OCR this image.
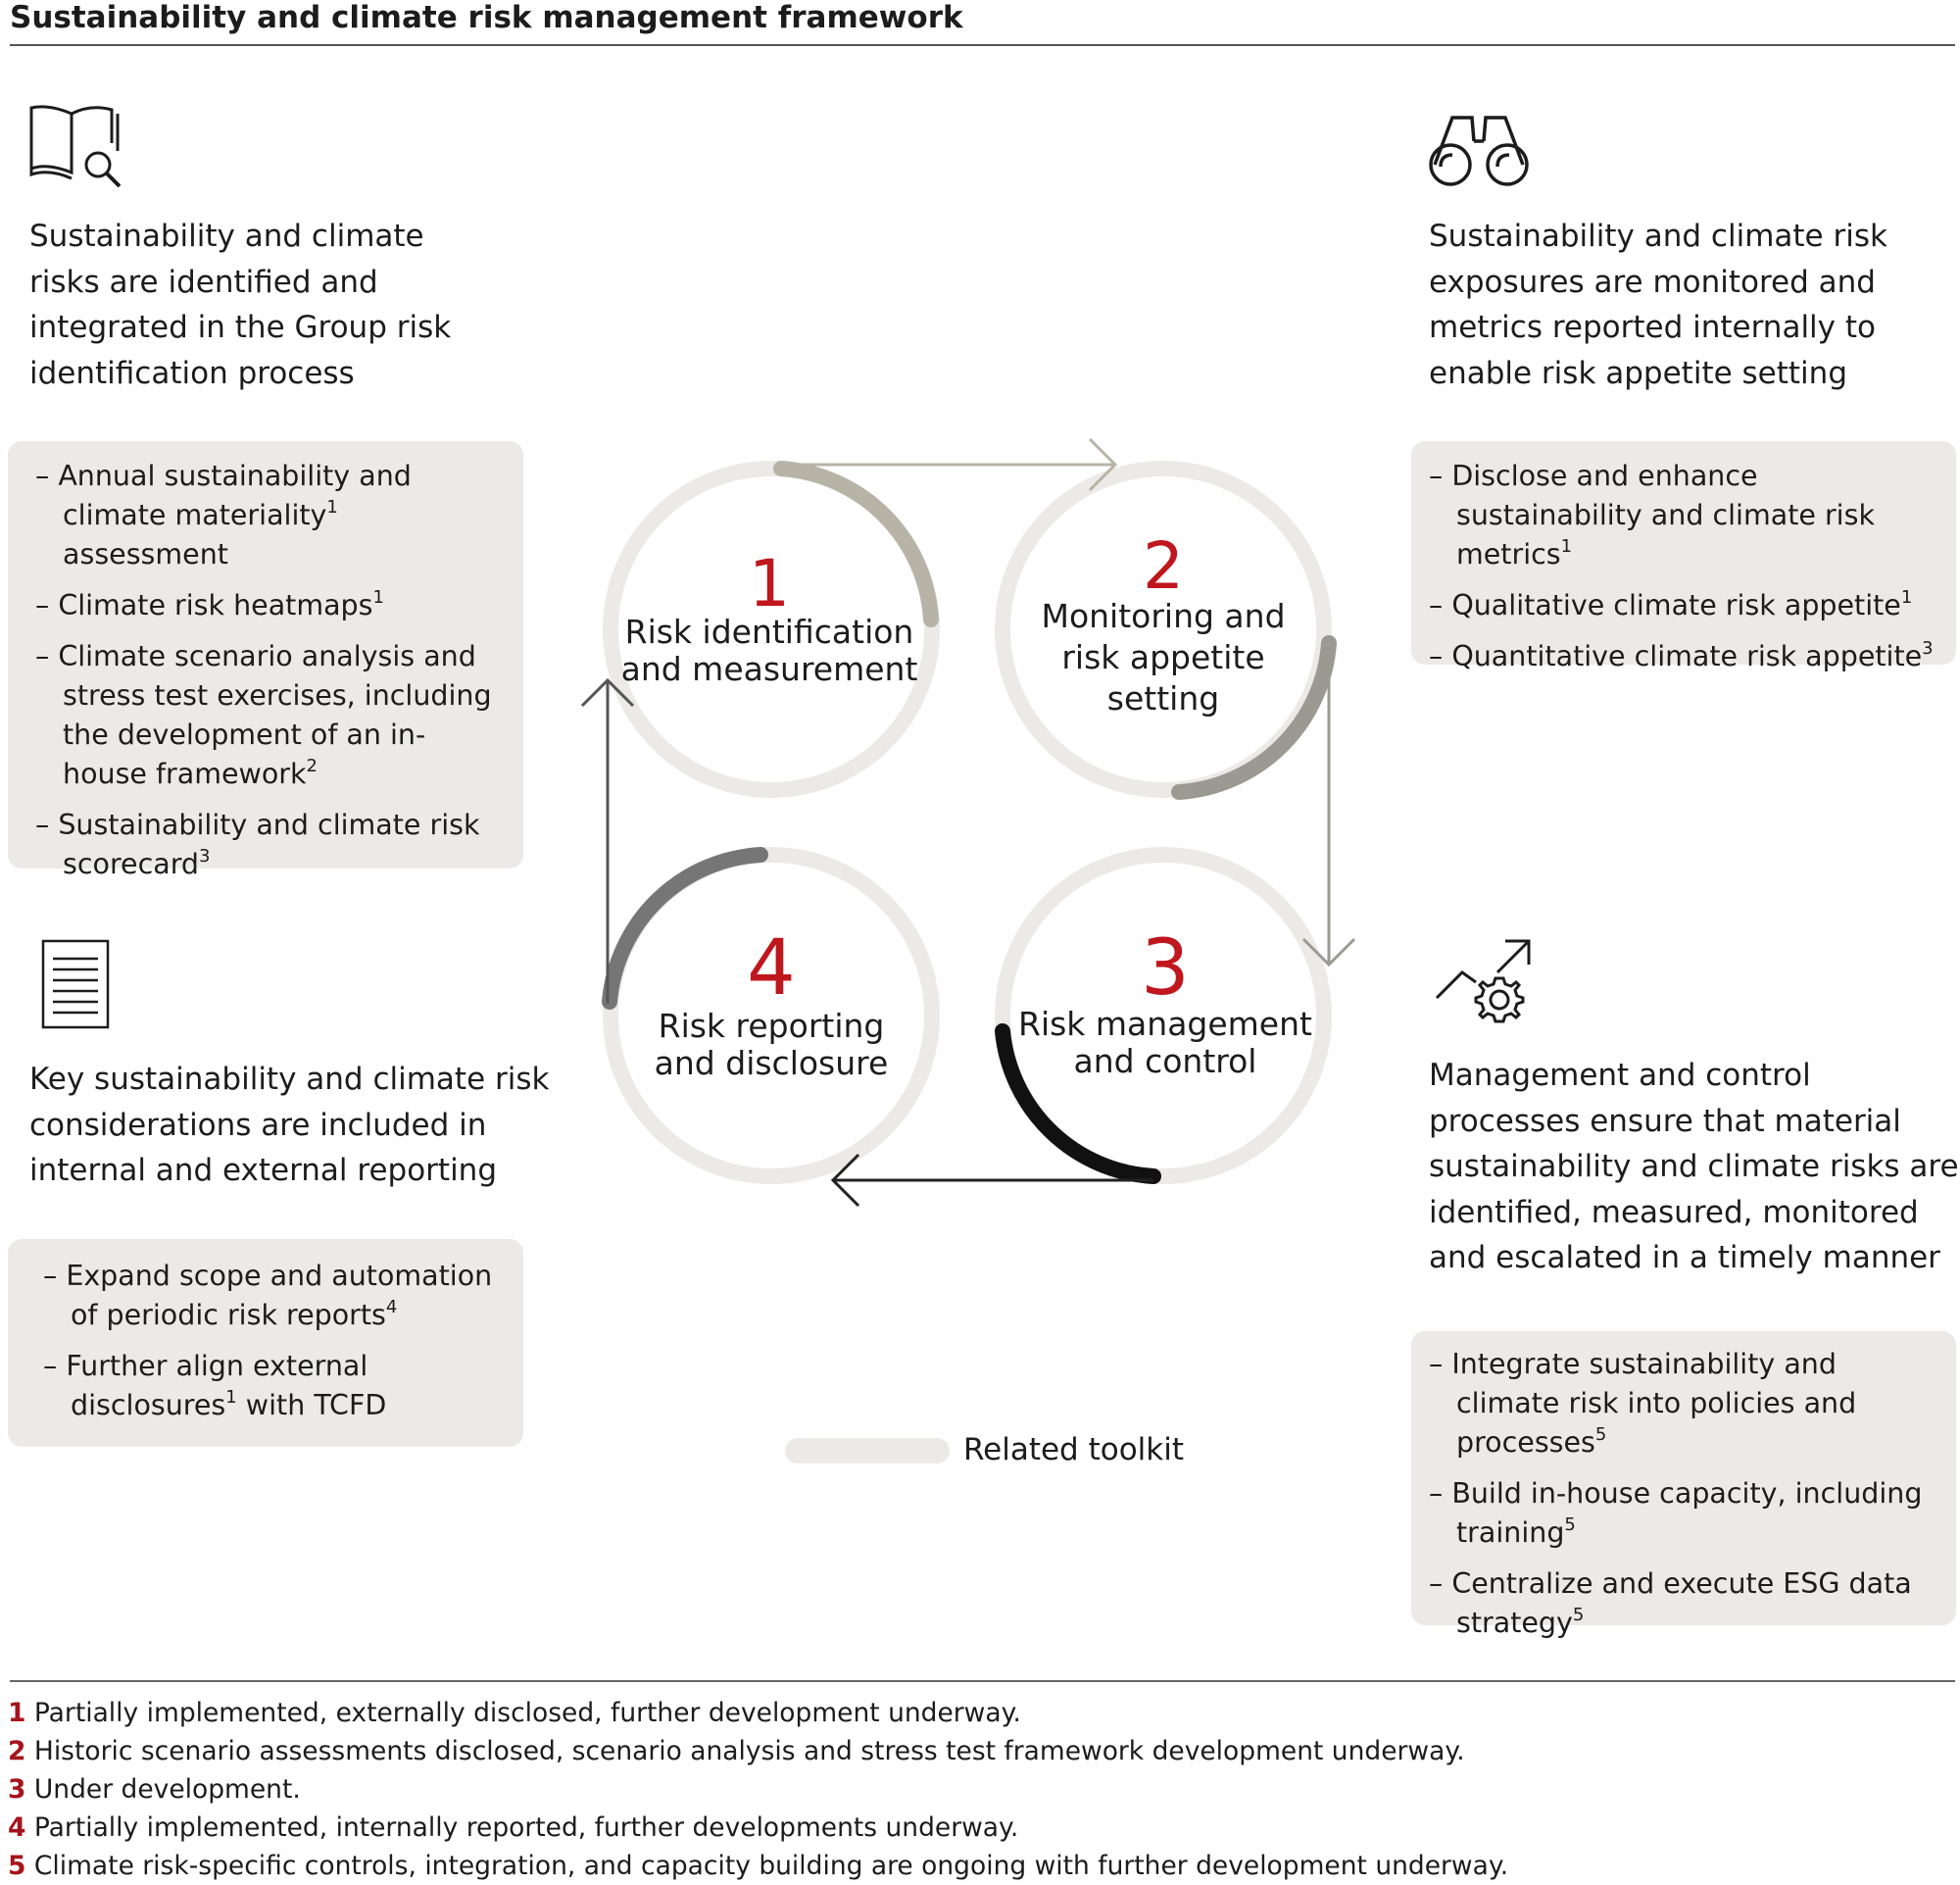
Sustainability and climate risk management framework
Sustainability and climate
risks are identified and
integrated in the Group risk
identification process
Sustainability and climate risk
exposures are monitored and
metrics reported internally to
enable risk appetite setting
Key sustainability and climate risk
considerations are included in
internal and external reporting
Management and control
processes ensure that material
sustainability and climate risks are
identified, measured, monitored
and escalated in a timely manner
– Annual sustainability and climate materiality$^1$ assessment
– Climate risk heatmaps$^1$
– Climate scenario analysis and stress test exercises, including the development of an in-house framework$^2$
– Sustainability and climate risk scorecard$^3$
– Disclose and enhance sustainability and climate risk metrics$^1$
– Qualitative climate risk appetite$^1$
– Quantitative climate risk appetite$^3$
– Expand scope and automation of periodic risk reports$^4$
– Further align external disclosures$^1$ with TCFD
– Integrate sustainability and climate risk into policies and processes$^5$
– Build in-house capacity, including training$^5$
– Centralize and execute ESG data strategy$^5$
1	2
3
4
Risk identification
and measurement
Monitoring and
risk appetite
setting
Risk management
and control
Risk reporting
and disclosure
Related toolkit
1 Partially implemented, externally disclosed, further development underway.
2 Historic scenario assessments disclosed, scenario analysis and stress test framework development underway.
3 Under development.
4 Partially implemented, internally reported, further developments underway.
5 Climate risk-specific controls, integration, and capacity building are ongoing with further development underway.
